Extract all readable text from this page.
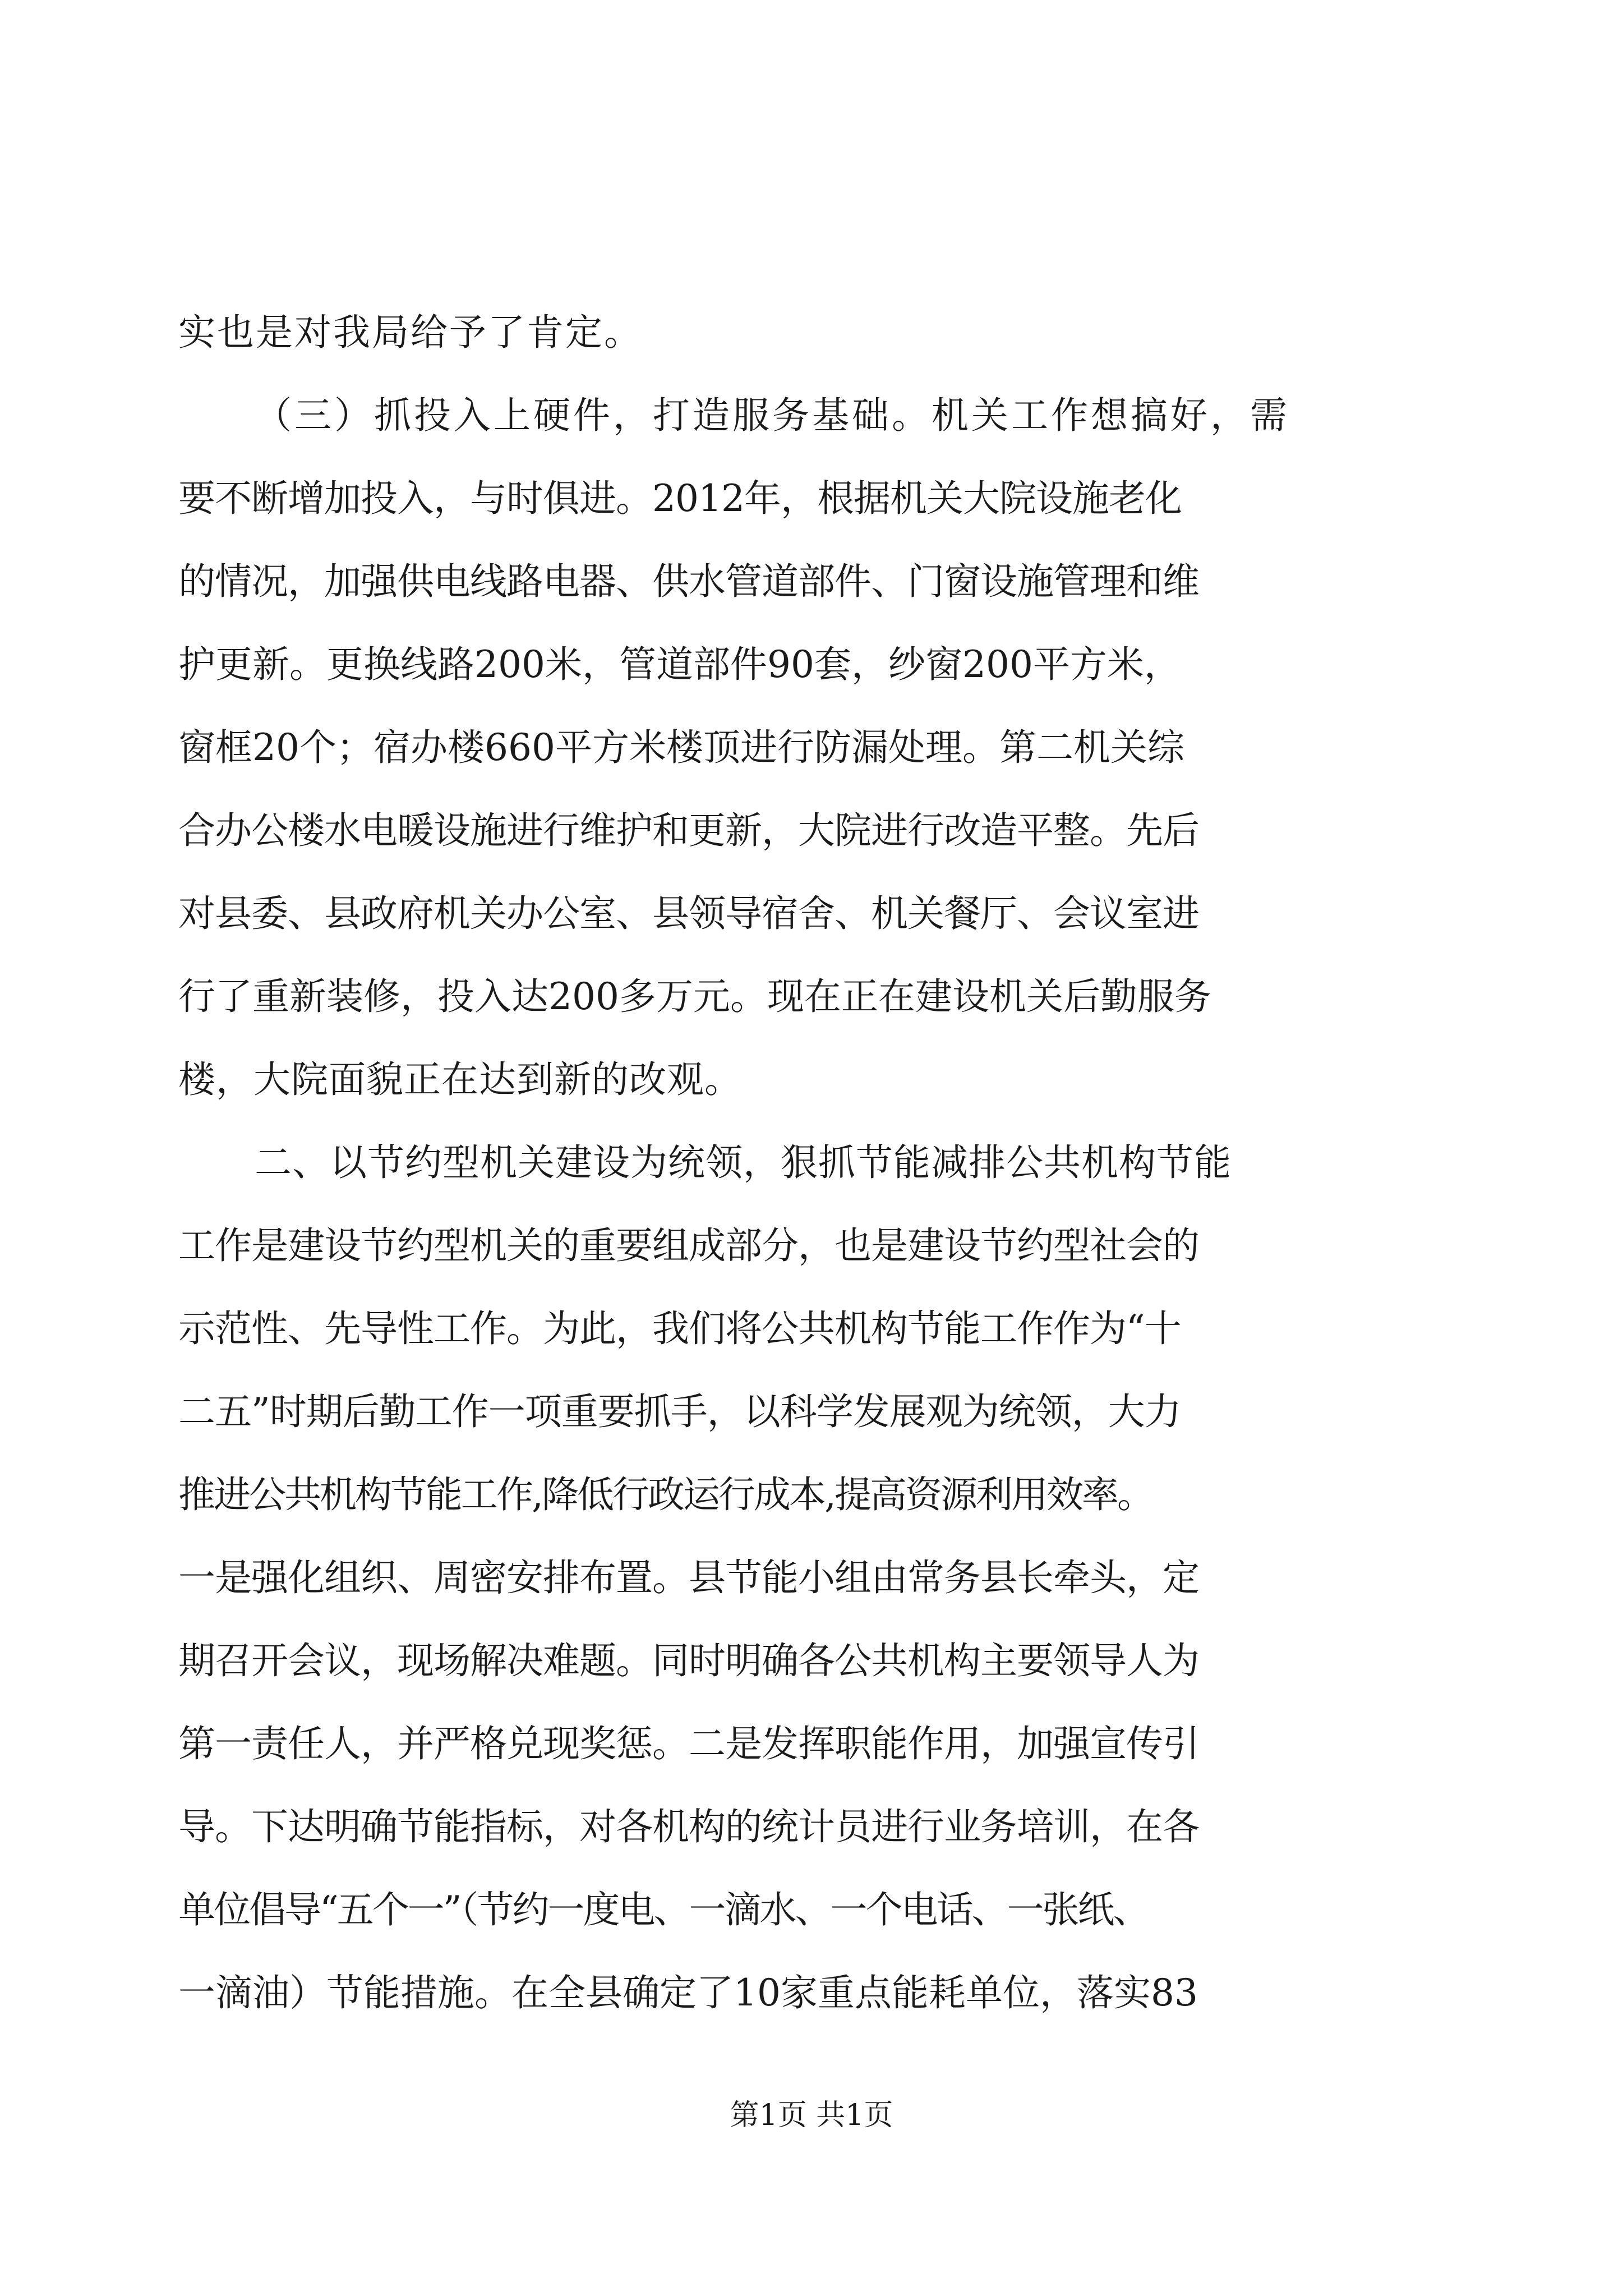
实也是对我局给予了肯定。
（三）抓投入上硬件，打造服务基础。机关工作想搞好，需
要不断增加投入，与时俱进。2012年，根据机关大院设施老化
的情况，加强供电线路电器、供水管道部件、门窗设施管理和维
护更新。更换线路200米，管道部件90套，纱窗200平方米，
窗框20个；宿办楼660平方米楼顶进行防漏处理。第二机关综
合办公楼水电暖设施进行维护和更新，大院进行改造平整。先后
对县委、县政府机关办公室、县领导宿舍、机关餐厅、会议室进
行了重新装修，投入达200多万元。现在正在建设机关后勤服务
楼，大院面貌正在达到新的改观。
二、以节约型机关建设为统领，狠抓节能减排公共机构节能
工作是建设节约型机关的重要组成部分，也是建设节约型社会的
示范性、先导性工作。为此，我们将公共机构节能工作作为“十
二五”时期后勤工作一项重要抓手，以科学发展观为统领，大力
推进公共机构节能工作,降低行政运行成本,提高资源利用效率。
一是强化组织、周密安排布置。县节能小组由常务县长牵头，定
期召开会议，现场解决难题。同时明确各公共机构主要领导人为
第一责任人，并严格兑现奖惩。二是发挥职能作用，加强宣传引
导。下达明确节能指标，对各机构的统计员进行业务培训，在各
单位倡导“五个一”（节约一度电、一滴水、一个电话、一张纸、
一滴油）节能措施。在全县确定了10家重点能耗单位，落实83
第1页 共1页
